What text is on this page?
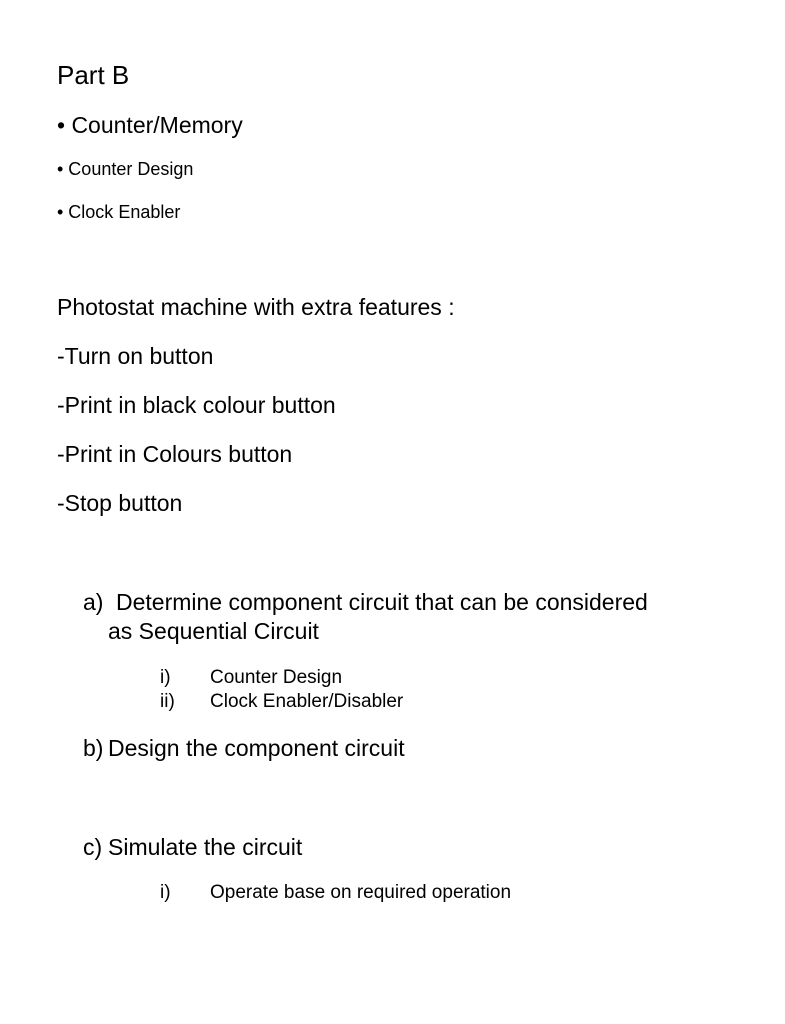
Part B
• Counter/Memory
• Counter Design
• Clock Enabler
Photostat machine with extra features :
-Turn on button
-Print in black colour button
-Print in Colours button
-Stop button
a) Determine component circuit that can be considered
as Sequential Circuit
i) Counter Design
ii) Clock Enabler/Disabler
b) Design the component circuit
c) Simulate the circuit
i) Operate base on required operation
